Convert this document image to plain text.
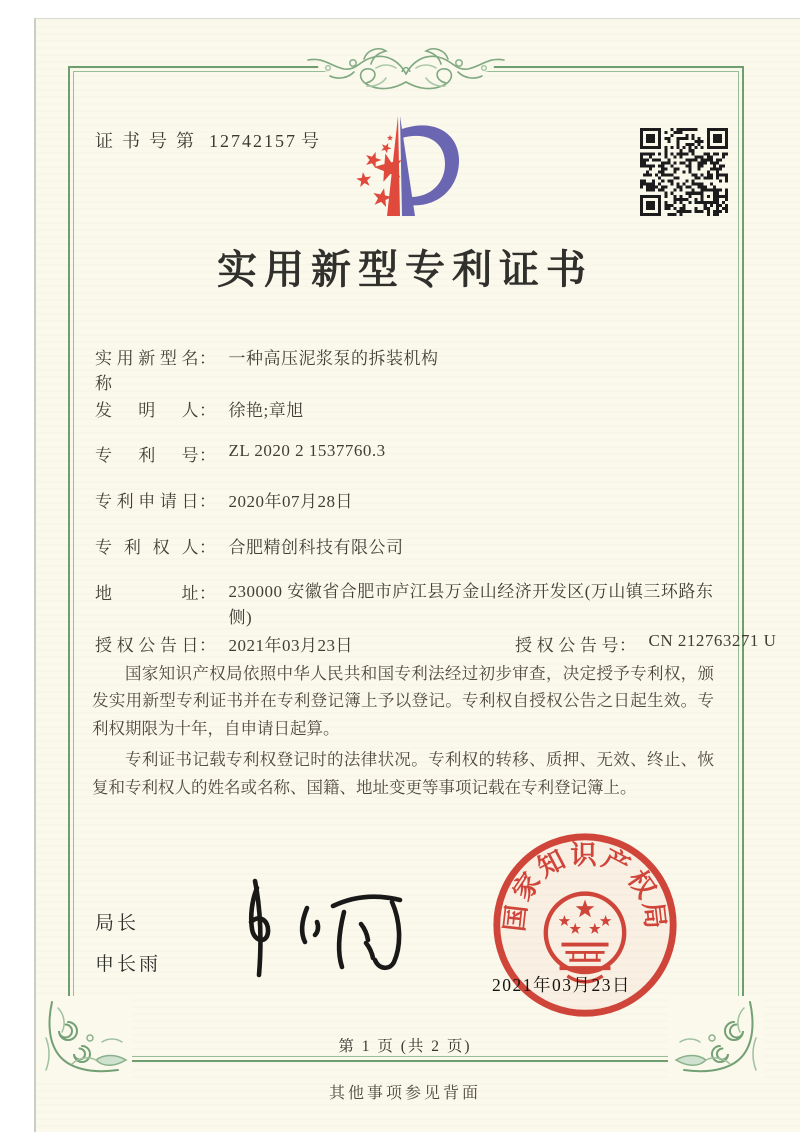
证书号第 12742157 号
实用新型专利证书
实用新型名称
： 一种高压泥浆泵的拆装机构
发明人 ： 徐艳;章旭
专利号 ： ZL 2020 2 1537760.3
专利申请日 ： 2020年07月28日
专利权人 ： 合肥精创科技有限公司
地址 ： 230000 安徽省合肥市庐江县万金山经济开发区(万山镇三环路东侧)
授权公告日 ： 2021年03月23日	授权公告号 ： CN 212763271 U

国家知识产权局依照中华人民共和国专利法经过初步审查，决定授予专利权，颁发实用新型专利证书并在专利登记簿上予以登记。专利权自授权公告之日起生效。专利权期限为十年，自申请日起算。

专利证书记载专利权登记时的法律状况。专利权的转移、质押、无效、终止、恢复和专利权人的姓名或名称、国籍、地址变更等事项记载在专利登记簿上。

局长
申长雨
国家知识产权局
2021年03月23日
第 1 页 (共 2 页)
其他事项参见背面
